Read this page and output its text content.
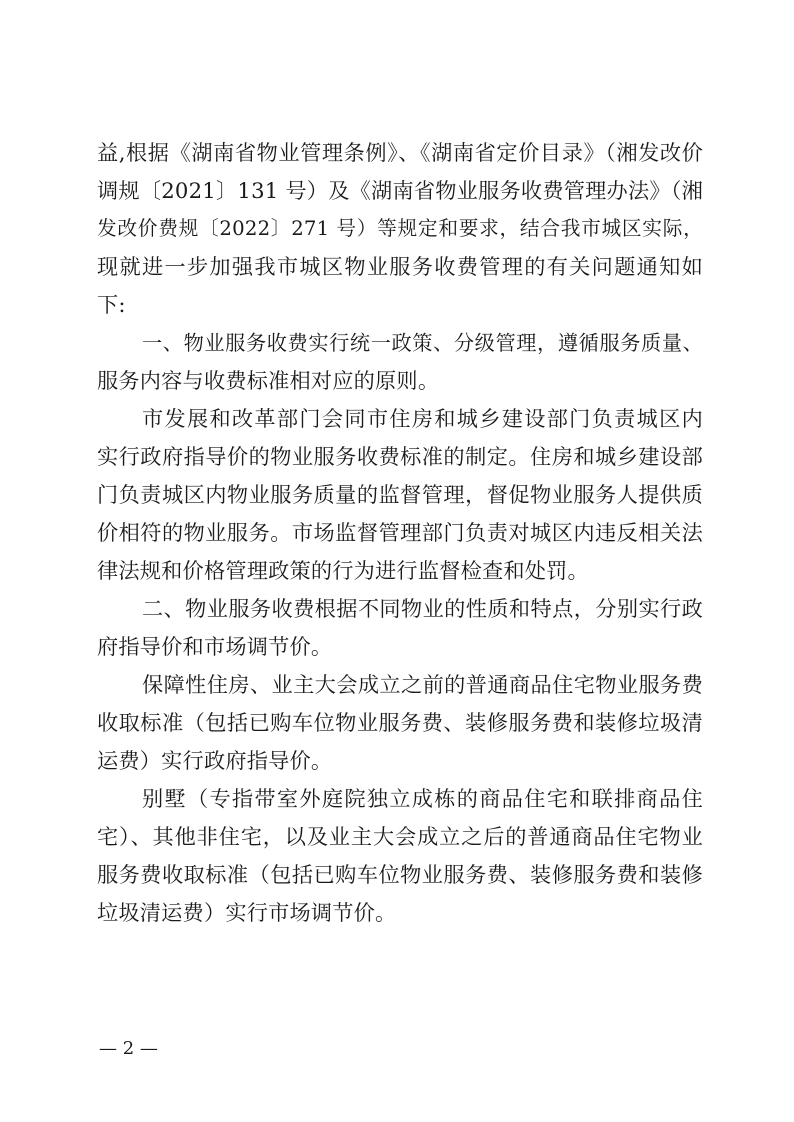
益,根据《湖南省物业管理条例》、《湖南省定价目录》（湘发改价
调规〔2021〕131 号）及《湖南省物业服务收费管理办法》（湘
发改价费规〔2022〕271 号）等规定和要求，结合我市城区实际，
现就进一步加强我市城区物业服务收费管理的有关问题通知如
下:
一、物业服务收费实行统一政策、分级管理，遵循服务质量、
服务内容与收费标准相对应的原则。
市发展和改革部门会同市住房和城乡建设部门负责城区内
实行政府指导价的物业服务收费标准的制定。住房和城乡建设部
门负责城区内物业服务质量的监督管理，督促物业服务人提供质
价相符的物业服务。市场监督管理部门负责对城区内违反相关法
律法规和价格管理政策的行为进行监督检查和处罚。
二、物业服务收费根据不同物业的性质和特点，分别实行政
府指导价和市场调节价。
保障性住房、业主大会成立之前的普通商品住宅物业服务费
收取标准（包括已购车位物业服务费、装修服务费和装修垃圾清
运费）实行政府指导价。
别墅（专指带室外庭院独立成栋的商品住宅和联排商品住
宅）、其他非住宅，以及业主大会成立之后的普通商品住宅物业
服务费收取标准（包括已购车位物业服务费、装修服务费和装修
垃圾清运费）实行市场调节价。
— 2 —
